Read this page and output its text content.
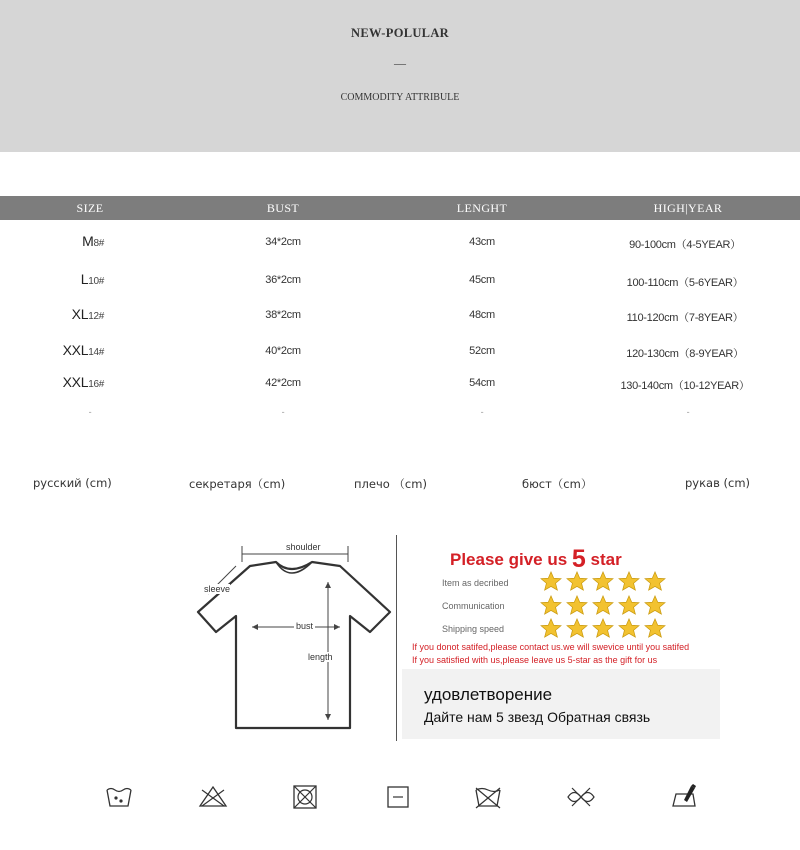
NEW-POLULAR
—
COMMODITY ATTRIBULE
SIZE	BUST	LENGHT	HIGH|YEAR
M8#	34*2cm	43cm	90-100cm（4-5YEAR）
L10#	36*2cm	45cm	100-110cm（5-6YEAR）
XL12#	38*2cm	48cm	110-120cm（7-8YEAR）
XXL14#	40*2cm	52cm	120-130cm（8-9YEAR）
XXL16#	42*2cm	54cm	130-140cm（10-12YEAR）
-	-	-	-
русский (cm)	секретаря（cm)	плечо （cm)	бюст（cm）	рукав (cm)
shoulder
sleeve
bust
length
Please give us 5 star
Item as decribed
Communication
Shipping speed
If you donot satifed,please contact us.we will swevice until you satifed
If you satisfied with us,please leave us 5-star as the gift for us
удовлетворение
Дайте нам 5 звезд Обратная связь
